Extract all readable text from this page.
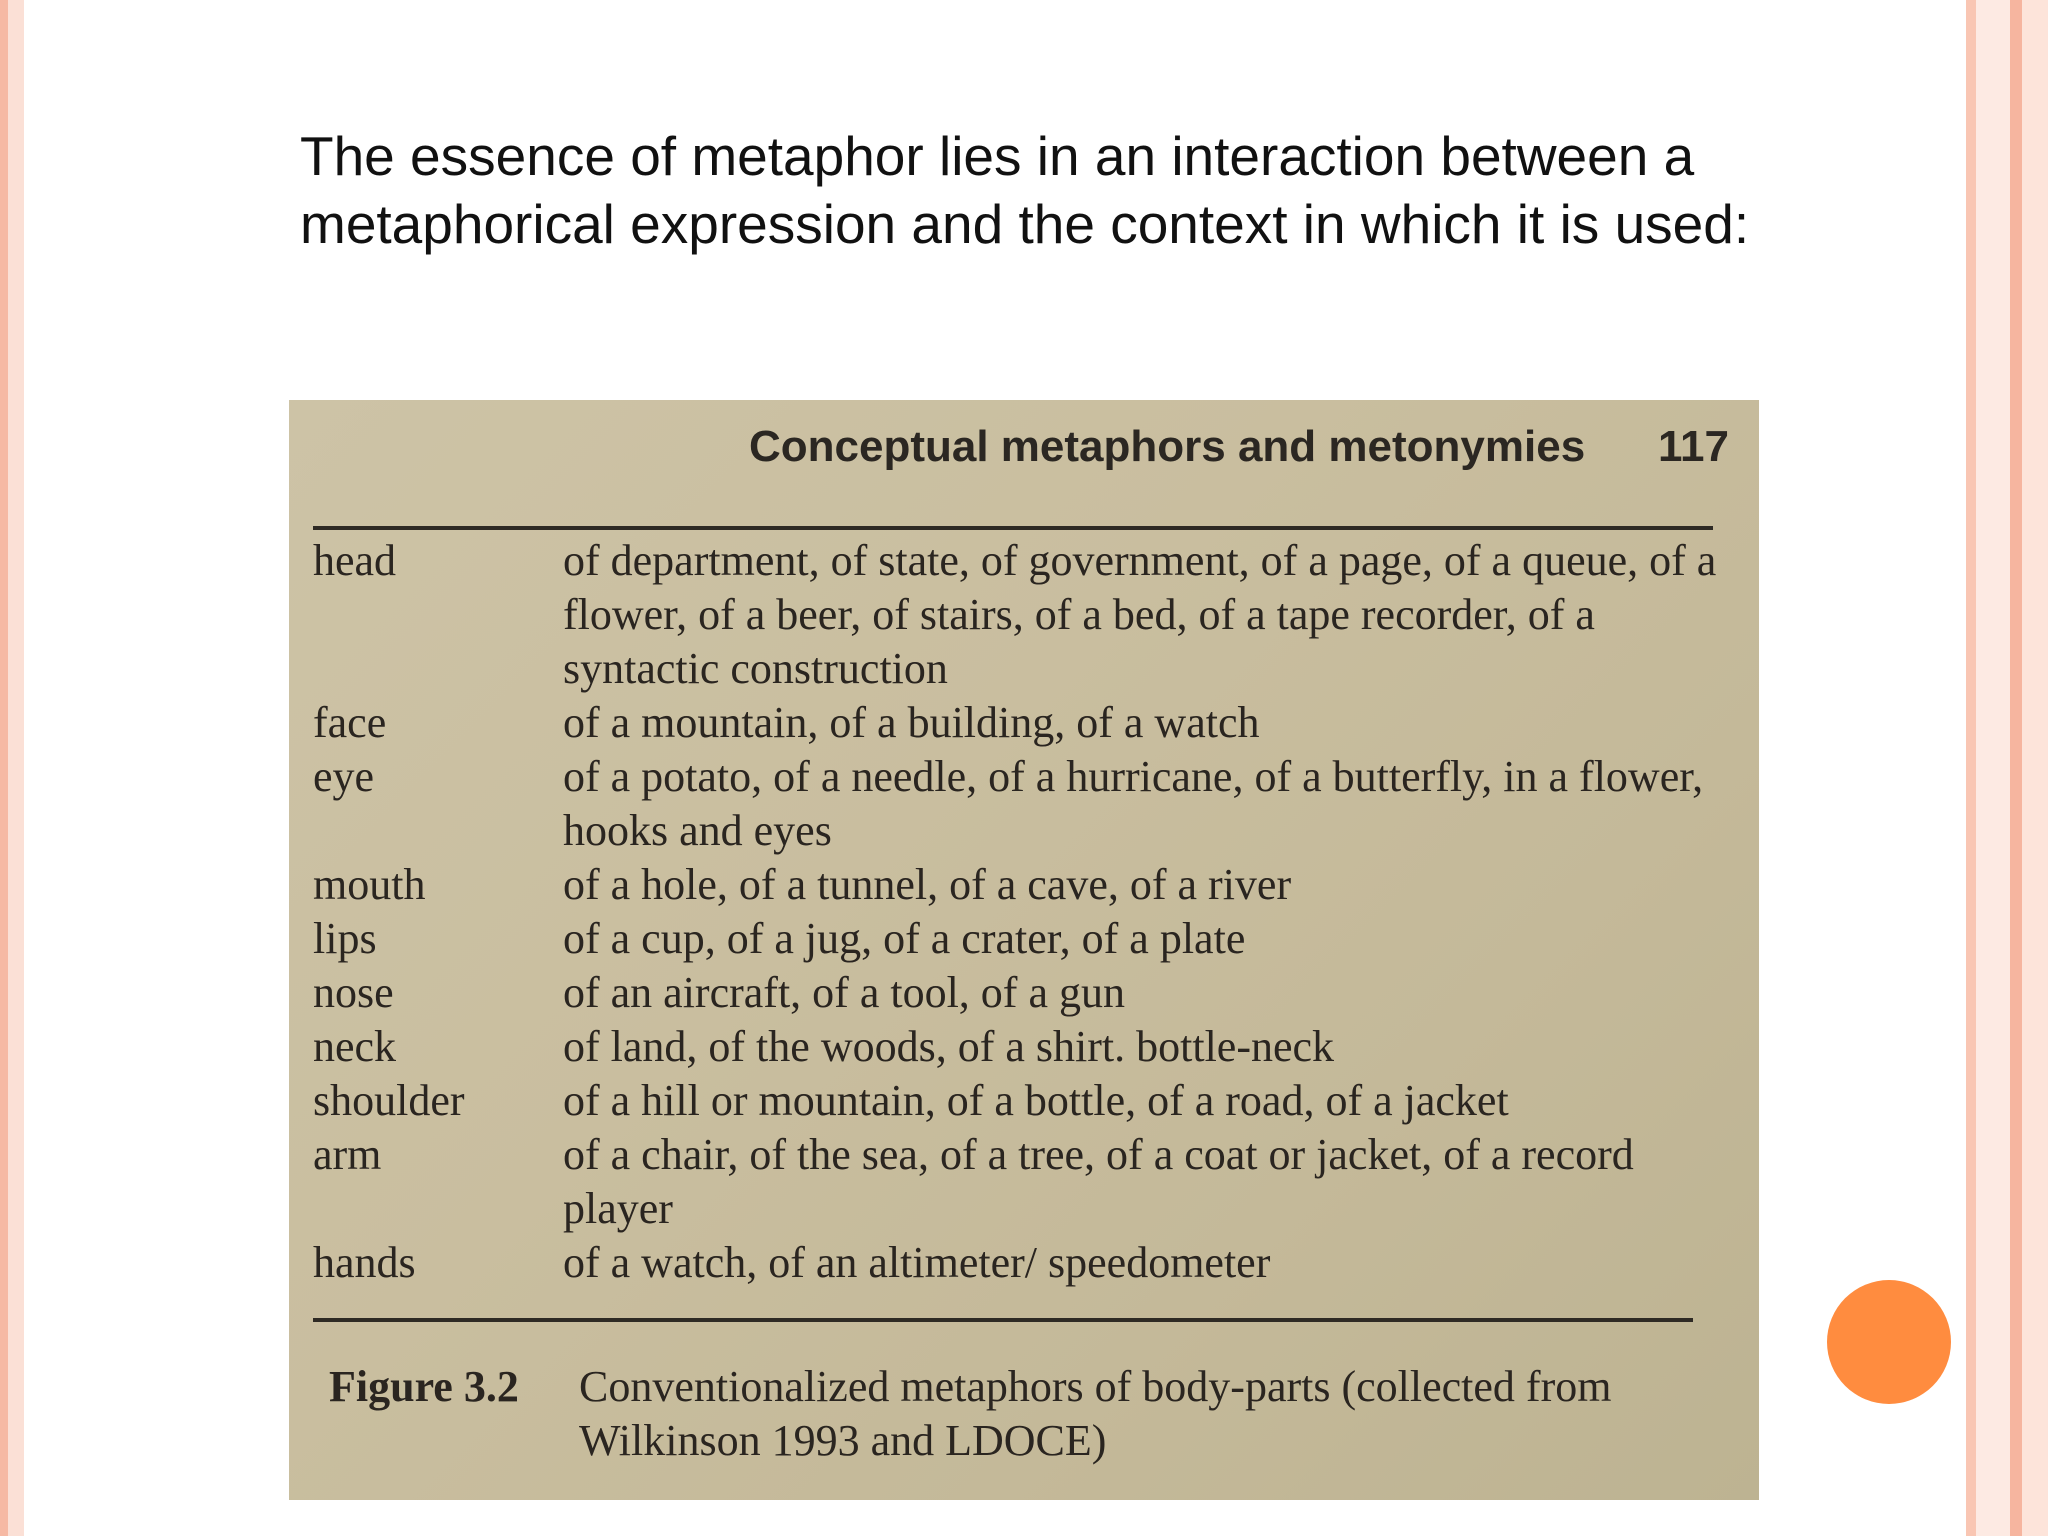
The essence of metaphor lies in an interaction between a metaphorical expression and the context in which it is used:
Conceptual metaphors and metonymies 117
head	of department, of state, of government, of a page, of a queue, of a flower, of a beer, of stairs, of a bed, of a tape recorder, of a syntactic construction
face	of a mountain, of a building, of a watch
eye	of a potato, of a needle, of a hurricane, of a butterfly, in a flower, hooks and eyes
mouth	of a hole, of a tunnel, of a cave, of a river
lips	of a cup, of a jug, of a crater, of a plate
nose	of an aircraft, of a tool, of a gun
neck	of land, of the woods, of a shirt. bottle-neck
shoulder	of a hill or mountain, of a bottle, of a road, of a jacket
arm	of a chair, of the sea, of a tree, of a coat or jacket, of a record player
hands	of a watch, of an altimeter/ speedometer
Figure 3.2 Conventionalized metaphors of body-parts (collected from Wilkinson 1993 and LDOCE)
